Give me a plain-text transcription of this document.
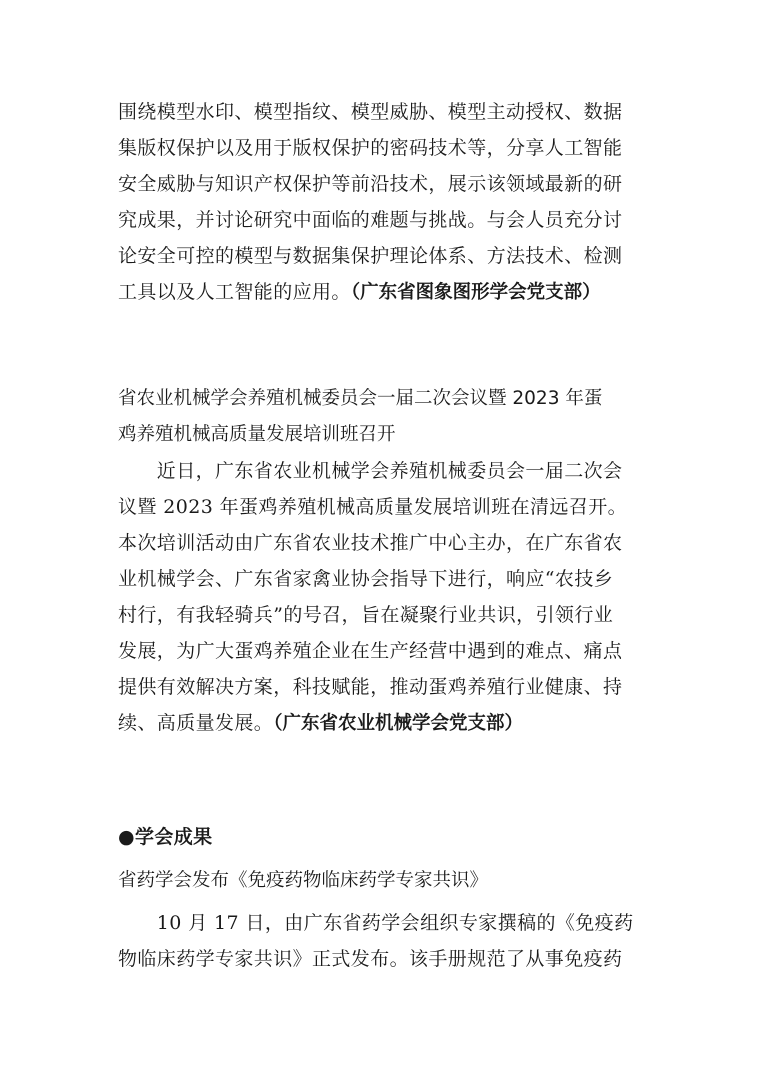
围绕模型水印、模型指纹、模型威胁、模型主动授权、数据
集版权保护以及用于版权保护的密码技术等，分享人工智能
安全威胁与知识产权保护等前沿技术，展示该领域最新的研
究成果，并讨论研究中面临的难题与挑战。与会人员充分讨
论安全可控的模型与数据集保护理论体系、方法技术、检测
工具以及人工智能的应用。（广东省图象图形学会党支部）
省农业机械学会养殖机械委员会一届二次会议暨 2023 年蛋
鸡养殖机械高质量发展培训班召开
　　近日，广东省农业机械学会养殖机械委员会一届二次会
议暨 2023 年蛋鸡养殖机械高质量发展培训班在清远召开。
本次培训活动由广东省农业技术推广中心主办，在广东省农
业机械学会、广东省家禽业协会指导下进行，响应“农技乡
村行，有我轻骑兵”的号召，旨在凝聚行业共识，引领行业
发展，为广大蛋鸡养殖企业在生产经营中遇到的难点、痛点
提供有效解决方案，科技赋能，推动蛋鸡养殖行业健康、持
续、高质量发展。（广东省农业机械学会党支部）
●学会成果
省药学会发布《免疫药物临床药学专家共识》
　　10 月 17 日，由广东省药学会组织专家撰稿的《免疫药
物临床药学专家共识》正式发布。该手册规范了从事免疫药
